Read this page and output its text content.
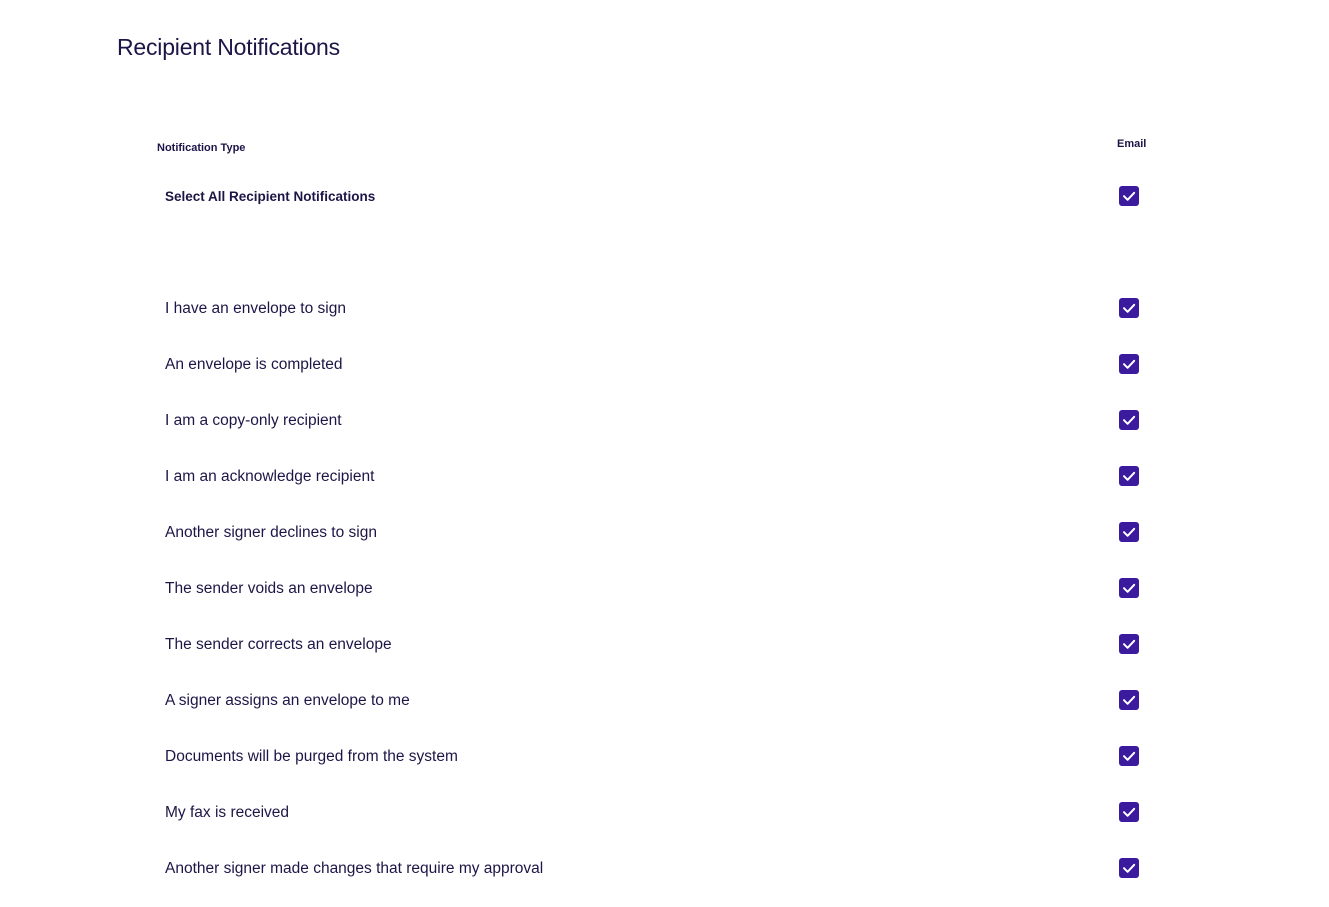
Recipient Notifications
Notification Type	Email
Select All Recipient Notifications
I have an envelope to sign
An envelope is completed
I am a copy-only recipient
I am an acknowledge recipient
Another signer declines to sign
The sender voids an envelope
The sender corrects an envelope
A signer assigns an envelope to me
Documents will be purged from the system
My fax is received
Another signer made changes that require my approval
